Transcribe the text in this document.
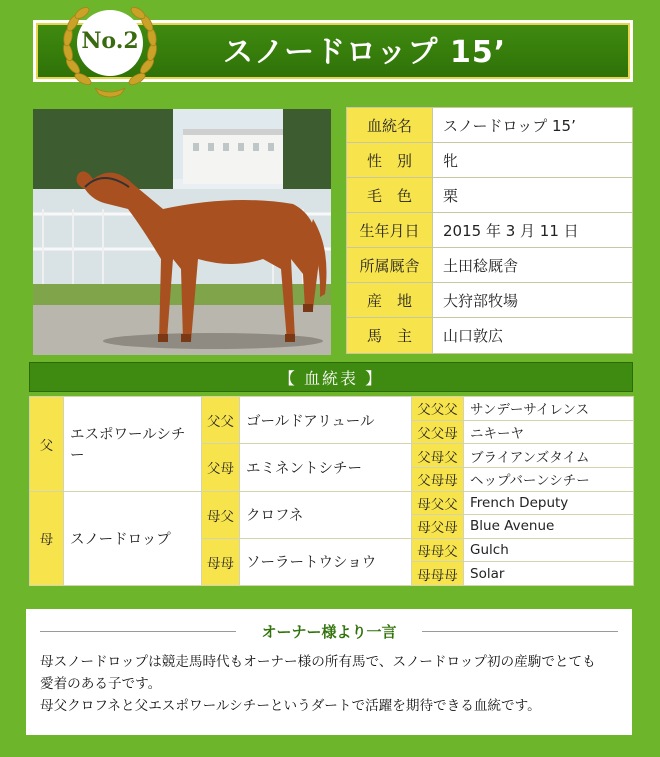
スノードロップ 15’
No.2
血統名	スノードロップ 15’
性　別	牝
毛　色	栗
生年月日	2015 年 3 月 11 日
所属厩舎	土田稔厩舎
産　地	大狩部牧場
馬　主	山口敦広
【 血統表 】
父	エスポワールシチー	父父	ゴールドアリュール	父父父	サンデーサイレンス
				父父母	ニキーヤ
		父母	エミネントシチー	父母父	ブライアンズタイム
				父母母	ヘップバーンシチー
母	スノードロップ	母父	クロフネ	母父父	French Deputy
				母父母	Blue Avenue
		母母	ソーラートウショウ	母母父	Gulch
				母母母	Solar
オーナー様より一言
母スノードロップは競走馬時代もオーナー様の所有馬で、スノードロップ初の産駒でとても
愛着のある子です。
母父クロフネと父エスポワールシチーというダートで活躍を期待できる血統です。
